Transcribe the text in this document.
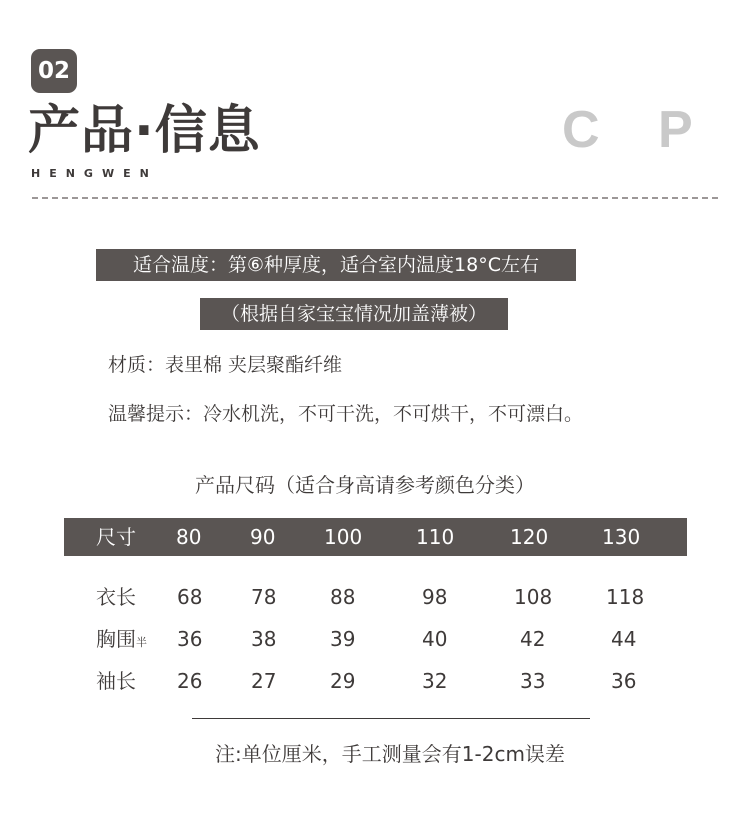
02
产品·信息
HENGWEN
C P
适合温度：第⑥种厚度，适合室内温度18°C左右
（根据自家宝宝情况加盖薄被）
材质：表里棉 夹层聚酯纤维
温馨提示：冷水机洗，不可干洗，不可烘干，不可漂白。
产品尺码（适合身高请参考颜色分类）
尺寸 80 90 100	110	120	130
衣长 68 78	88	98	108	118
胸围半 36 38	39	40	42	44
袖长 26 27	29	32	33	36
注:单位厘米，手工测量会有1-2cm误差
